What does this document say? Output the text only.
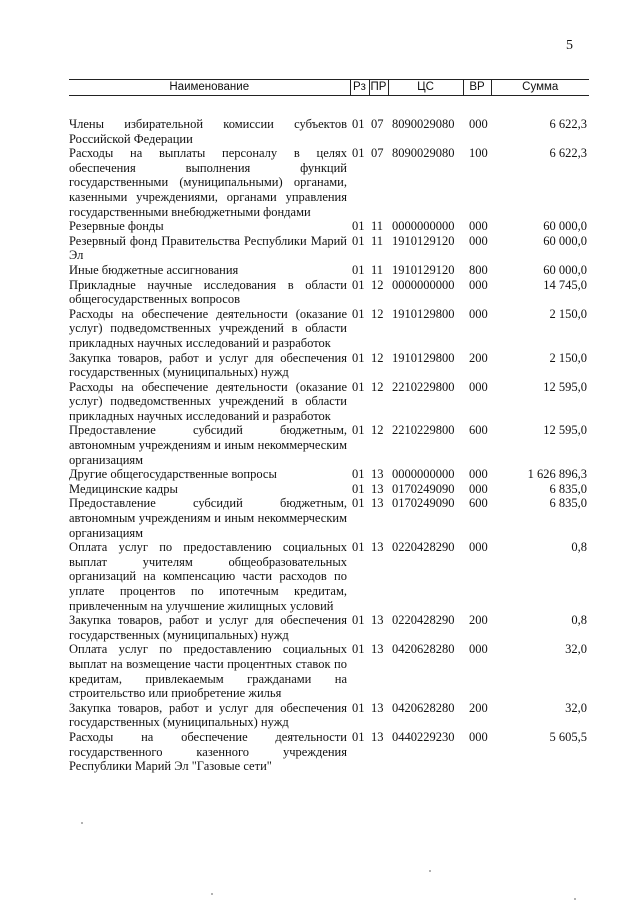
5
Наименование	Рз	ПР	ЦС	ВР	Сумма

Члены избирательной комиссии субъектов Российской Федерации	01	07	8090029080	000	6 622,3
Расходы на выплаты персоналу в целях обеспечения выполнения функций государственными (муниципальными) органами, казенными учреждениями, органами управления государственными внебюджетными фондами	01	07	8090029080	100	6 622,3
Резервные фонды	01	11	0000000000	000	60 000,0
Резервный фонд Правительства Республики Марий Эл	01	11	1910129120	000	60 000,0
Иные бюджетные ассигнования	01	11	1910129120	800	60 000,0
Прикладные научные исследования в области общегосударственных вопросов	01	12	0000000000	000	14 745,0
Расходы на обеспечение деятельности (оказание услуг) подведомственных учреждений в области прикладных научных исследований и разработок	01	12	1910129800	000	2 150,0
Закупка товаров, работ и услуг для обеспечения государственных (муниципальных) нужд	01	12	1910129800	200	2 150,0
Расходы на обеспечение деятельности (оказание услуг) подведомственных учреждений в области прикладных научных исследований и разработок	01	12	2210229800	000	12 595,0
Предоставление субсидий бюджетным, автономным учреждениям и иным некоммерческим организациям	01	12	2210229800	600	12 595,0
Другие общегосударственные вопросы	01	13	0000000000	000	1 626 896,3
Медицинские кадры	01	13	0170249090	000	6 835,0
Предоставление субсидий бюджетным, автономным учреждениям и иным некоммерческим организациям	01	13	0170249090	600	6 835,0
Оплата услуг по предоставлению социальных выплат учителям общеобразовательных организаций на компенсацию части расходов по уплате процентов по ипотечным кредитам, привлеченным на улучшение жилищных условий	01	13	0220428290	000	0,8
Закупка товаров, работ и услуг для обеспечения государственных (муниципальных) нужд	01	13	0220428290	200	0,8
Оплата услуг по предоставлению социальных выплат на возмещение части процентных ставок по кредитам, привлекаемым гражданами на строительство или приобретение жилья	01	13	0420628280	000	32,0
Закупка товаров, работ и услуг для обеспечения государственных (муниципальных) нужд	01	13	0420628280	200	32,0
Расходы на обеспечение деятельности государственного казенного учреждения Республики Марий Эл "Газовые сети"	01	13	0440229230	000	5 605,5
